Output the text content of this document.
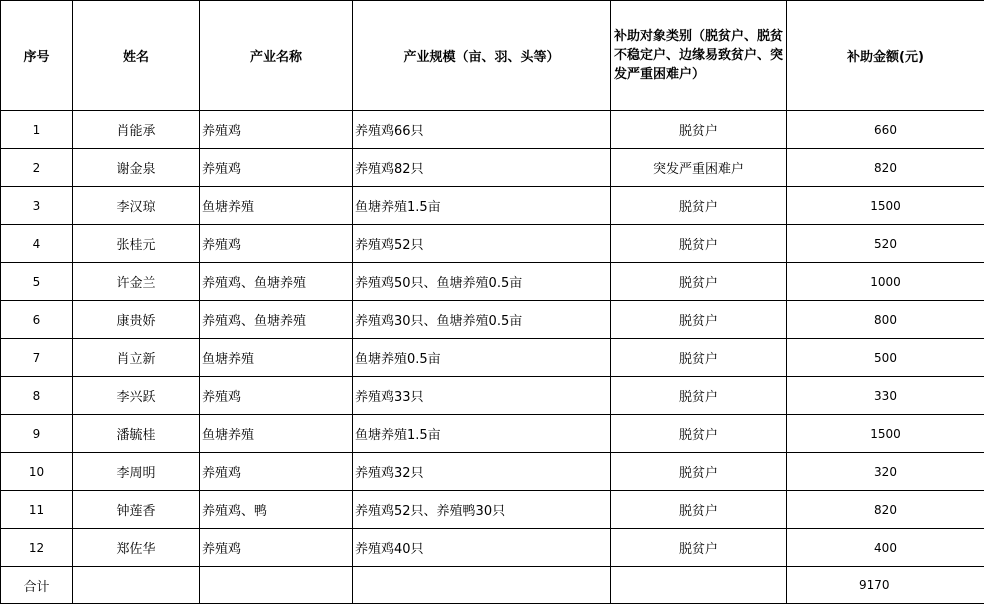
序号	姓名	产业名称	产业规模（亩、羽、头等）	补助对象类别（脱贫户、脱贫不稳定户、边缘易致贫户、突发严重困难户）	补助金额(元)
1	肖能承	养殖鸡	养殖鸡66只	脱贫户	660
2	谢金泉	养殖鸡	养殖鸡82只	突发严重困难户	820
3	李汉琼	鱼塘养殖	鱼塘养殖1.5亩	脱贫户	1500
4	张桂元	养殖鸡	养殖鸡52只	脱贫户	520
5	许金兰	养殖鸡、鱼塘养殖	养殖鸡50只、鱼塘养殖0.5亩	脱贫户	1000
6	康贵娇	养殖鸡、鱼塘养殖	养殖鸡30只、鱼塘养殖0.5亩	脱贫户	800
7	肖立新	鱼塘养殖	鱼塘养殖0.5亩	脱贫户	500
8	李兴跃	养殖鸡	养殖鸡33只	脱贫户	330
9	潘毓桂	鱼塘养殖	鱼塘养殖1.5亩	脱贫户	1500
10	李周明	养殖鸡	养殖鸡32只	脱贫户	320
11	钟莲香	养殖鸡、鸭	养殖鸡52只、养殖鸭30只	脱贫户	820
12	郑佐华	养殖鸡	养殖鸡40只	脱贫户	400
合计					9170
